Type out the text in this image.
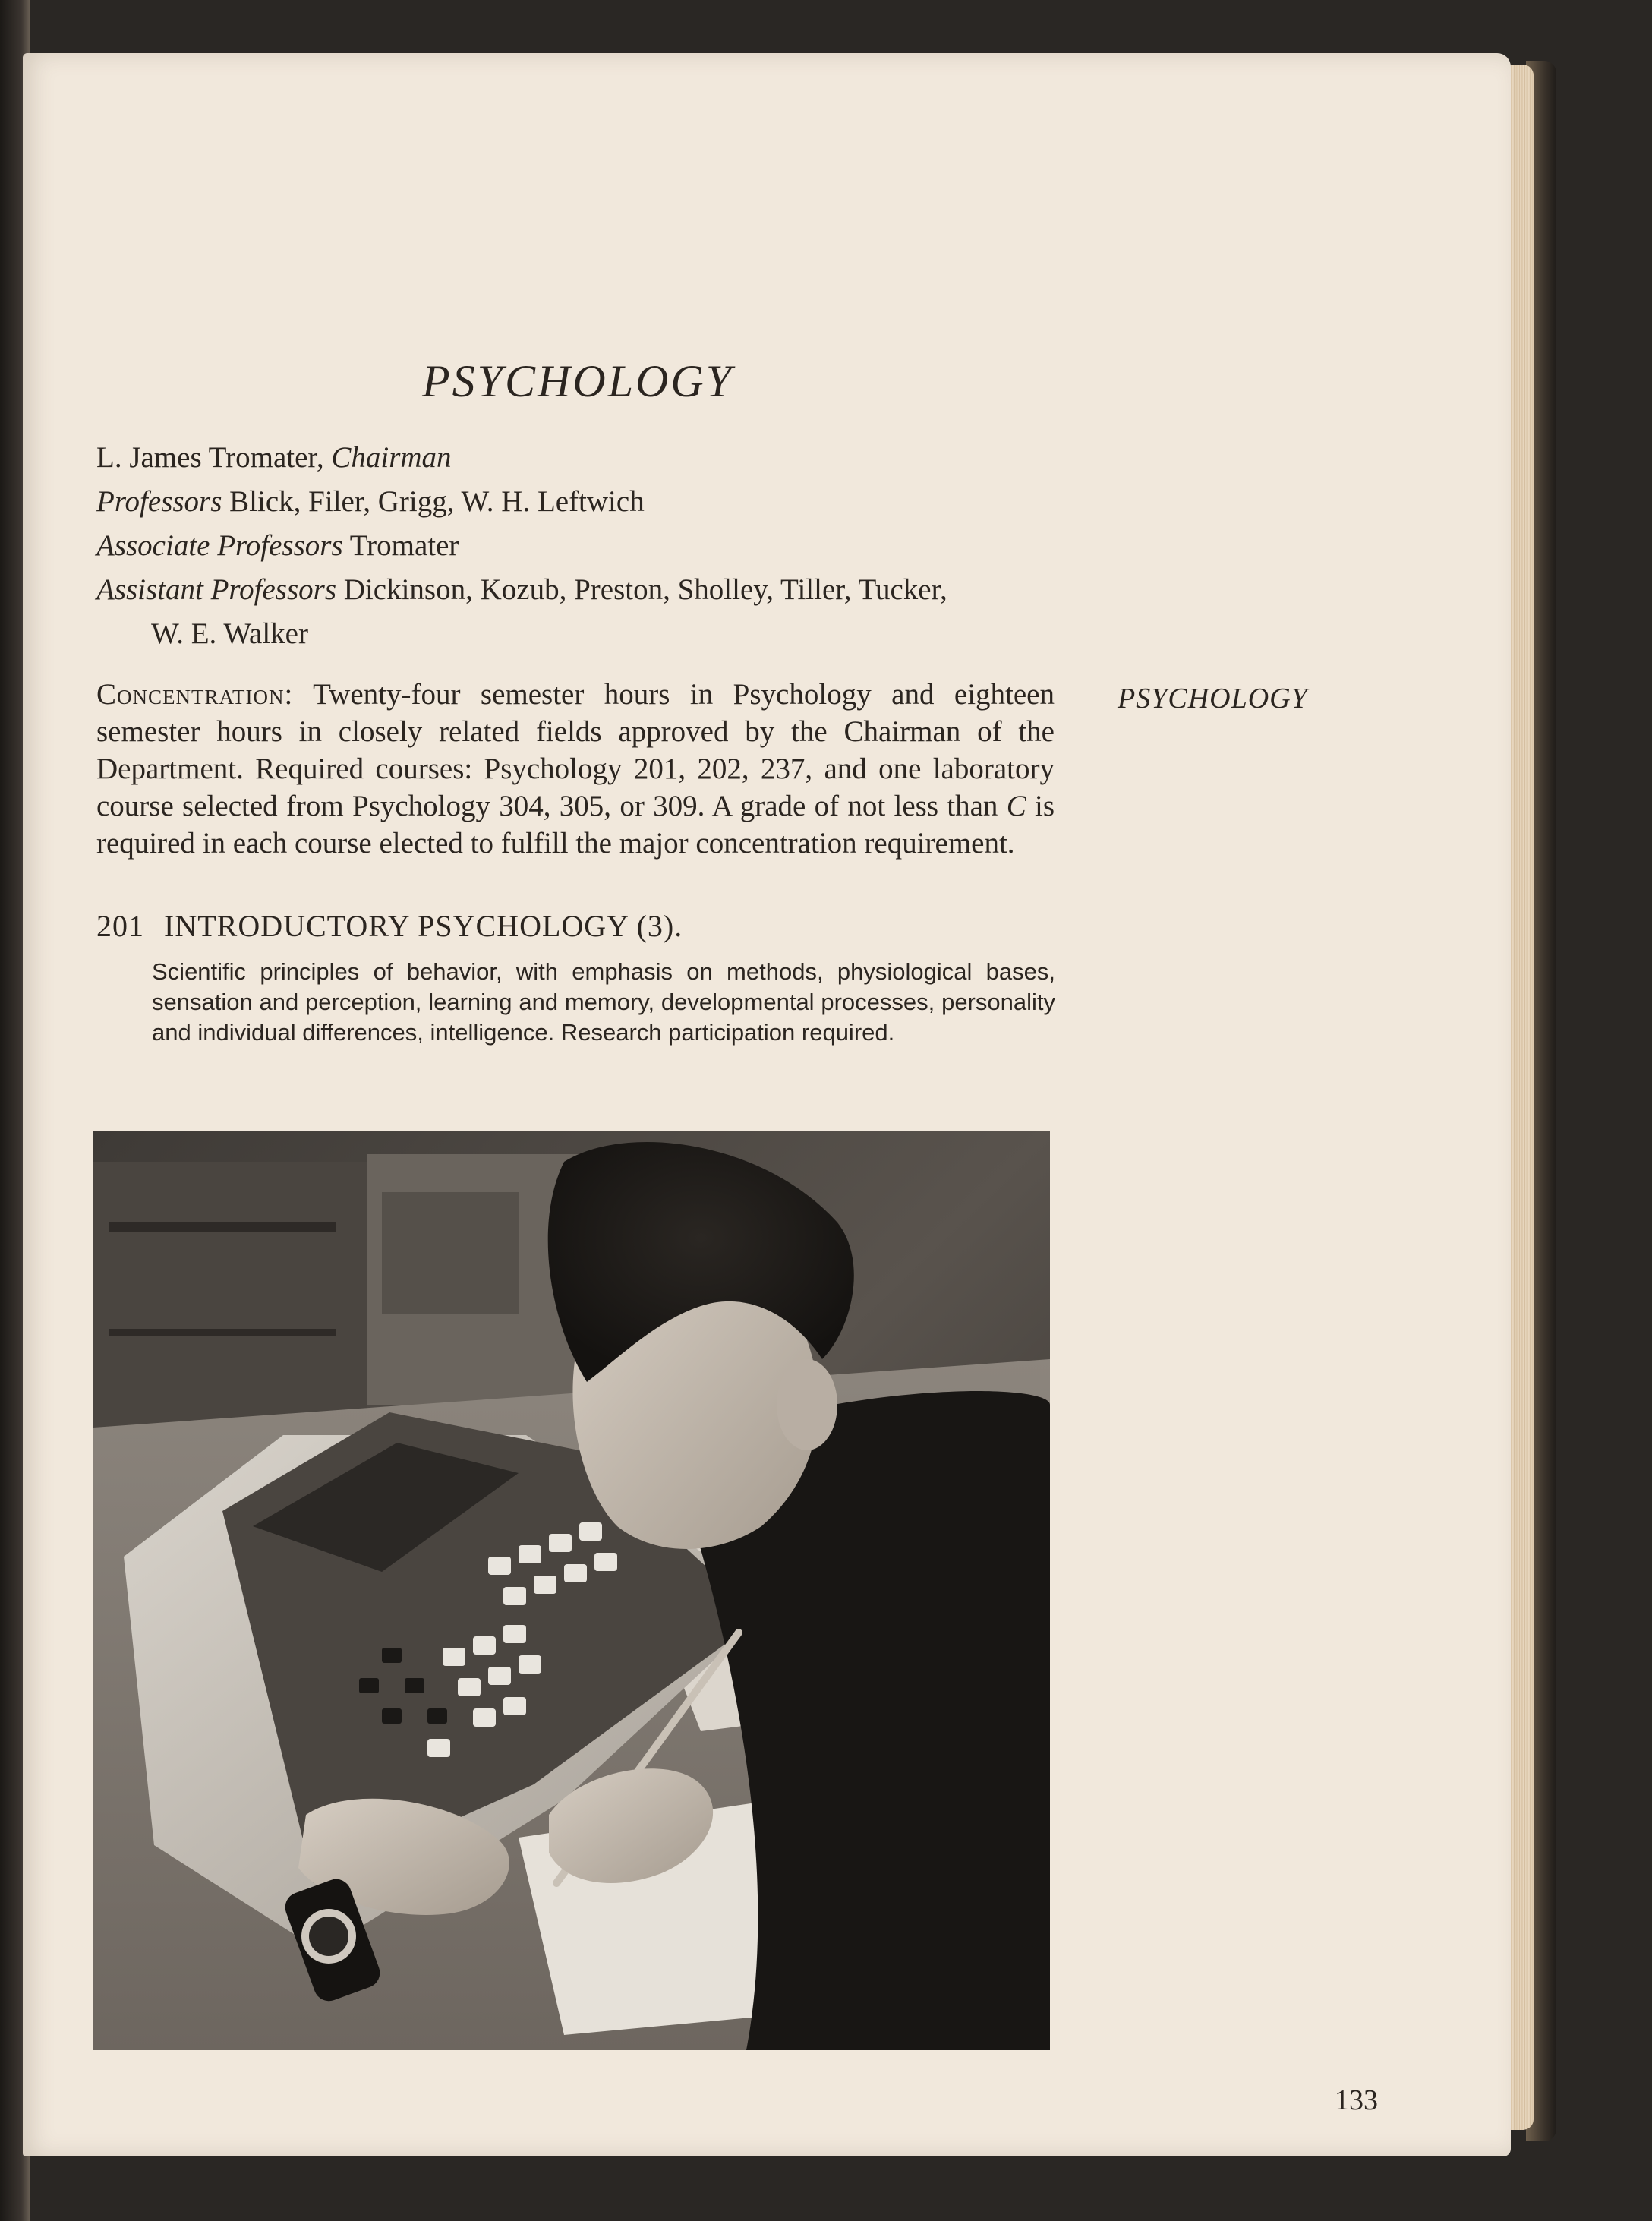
PSYCHOLOGY
L. James Tromater, Chairman
Professors Blick, Filer, Grigg, W. H. Leftwich
Associate Professors Tromater
Assistant Professors Dickinson, Kozub, Preston, Sholley, Tiller, Tucker,
W. E. Walker
Concentration: Twenty-four semester hours in Psychology and eighteen semester hours in closely related fields approved by the Chairman of the Department. Required courses: Psychology 201, 202, 237, and one laboratory course selected from Psychology 304, 305, or 309. A grade of not less than C is required in each course elected to fulfill the major concentration requirement.
PSYCHOLOGY
201 INTRODUCTORY PSYCHOLOGY (3).
Scientific principles of behavior, with emphasis on methods, physiological bases, sensation and perception, learning and memory, developmental processes, personality and individual differences, intelligence. Research participation required.
133
